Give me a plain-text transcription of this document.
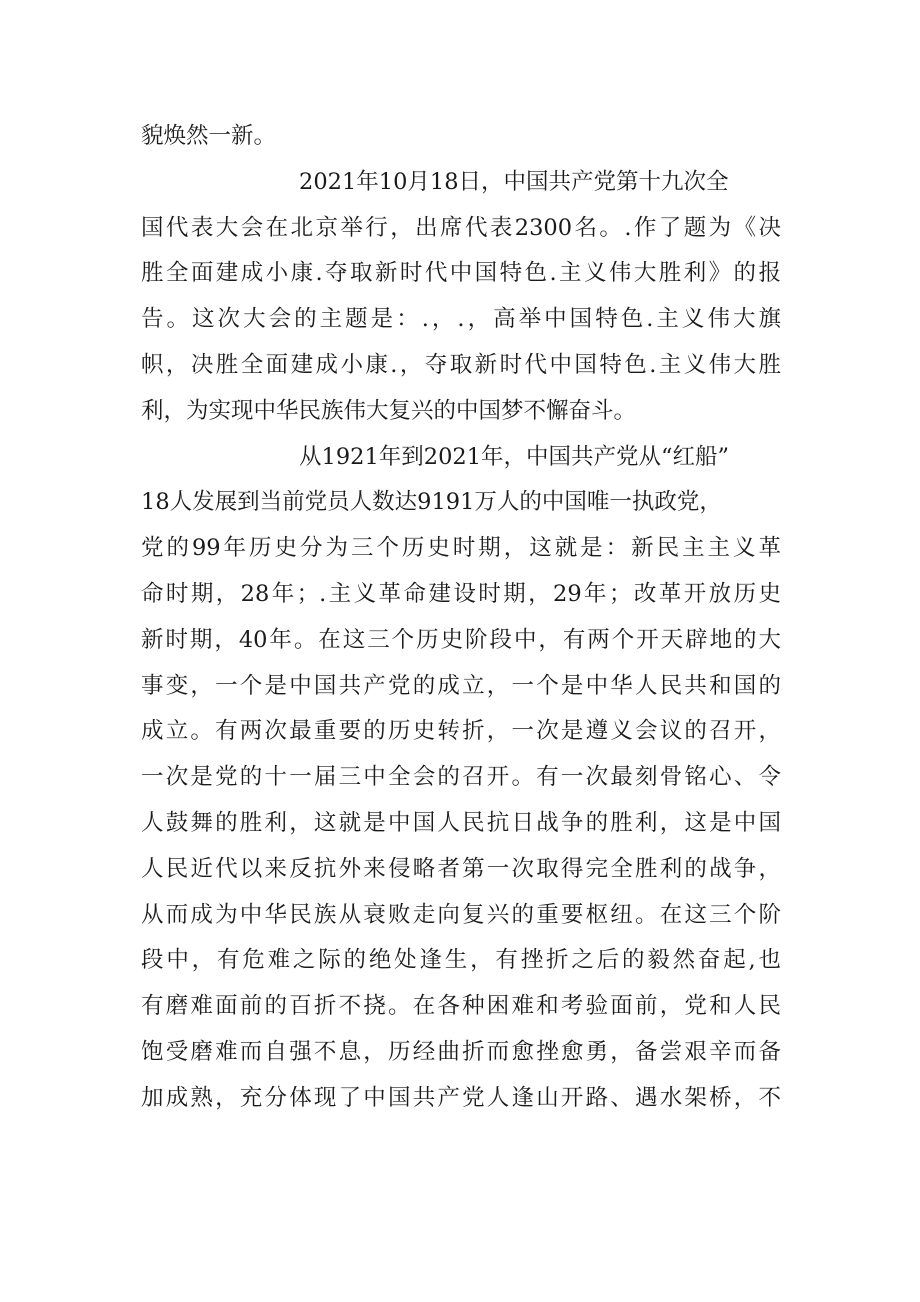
貌焕然一新。
2021年10月18日，中国共产党第十九次全
国代表大会在北京举行，出席代表2300名。.作了题为《决
胜全面建成小康.夺取新时代中国特色.主义伟大胜利》的报
告。这次大会的主题是：.，.，高举中国特色.主义伟大旗
帜，决胜全面建成小康.，夺取新时代中国特色.主义伟大胜
利，为实现中华民族伟大复兴的中国梦不懈奋斗。
从1921年到2021年，中国共产党从“红船”
18人发展到当前党员人数达9191万人的中国唯一执政党，
党的99年历史分为三个历史时期，这就是：新民主主义革
命时期，28年；.主义革命建设时期，29年；改革开放历史
新时期，40年。在这三个历史阶段中，有两个开天辟地的大
事变，一个是中国共产党的成立，一个是中华人民共和国的
成立。有两次最重要的历史转折，一次是遵义会议的召开，
一次是党的十一届三中全会的召开。有一次最刻骨铭心、令
人鼓舞的胜利，这就是中国人民抗日战争的胜利，这是中国
人民近代以来反抗外来侵略者第一次取得完全胜利的战争，
从而成为中华民族从衰败走向复兴的重要枢纽。在这三个阶
段中，有危难之际的绝处逢生，有挫折之后的毅然奋起,也
有磨难面前的百折不挠。在各种困难和考验面前，党和人民
饱受磨难而自强不息，历经曲折而愈挫愈勇，备尝艰辛而备
加成熟，充分体现了中国共产党人逢山开路、遇水架桥，不
